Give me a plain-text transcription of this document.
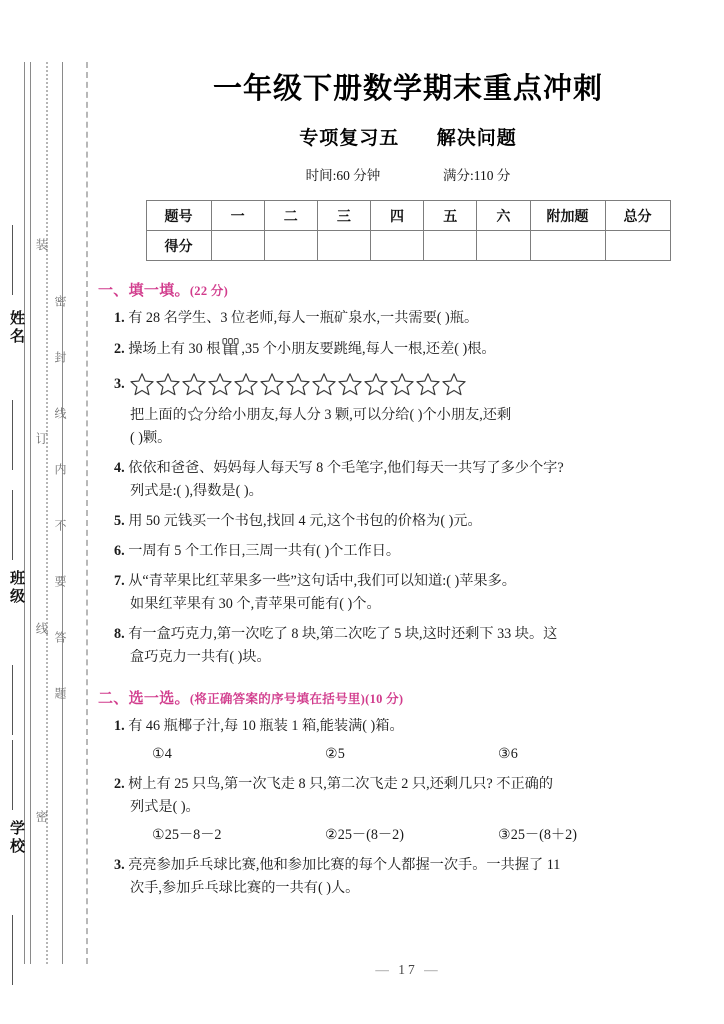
姓名
班级
学校
装
订
线
密
密封线内不要答题
一年级下册数学期末重点冲刺
专项复习五 解决问题
时间:60 分钟	满分:110 分
题号	一	二	三	四	五	六	附加题	总分
得分								
一、填一填。(22 分)
1. 有 28 名学生、3 位老师,每人一瓶矿泉水,一共需要( )瓶。
2. 操场上有 30 根 ,35 个小朋友要跳绳,每人一根,还差( )根。
3.
把上面的 分给小朋友,每人分 3 颗,可以分给( )个小朋友,还剩
( )颗。
4. 依依和爸爸、妈妈每人每天写 8 个毛笔字,他们每天一共写了多少个字?
列式是:( ),得数是( )。
5. 用 50 元钱买一个书包,找回 4 元,这个书包的价格为( )元。
6. 一周有 5 个工作日,三周一共有( )个工作日。
7. 从“青苹果比红苹果多一些”这句话中,我们可以知道:( )苹果多。
如果红苹果有 30 个,青苹果可能有( )个。
8. 有一盒巧克力,第一次吃了 8 块,第二次吃了 5 块,这时还剩下 33 块。这
盒巧克力一共有( )块。
二、选一选。(将正确答案的序号填在括号里)(10 分)
1. 有 46 瓶椰子汁,每 10 瓶装 1 箱,能装满( )箱。
①4	②5	③6
2. 树上有 25 只鸟,第一次飞走 8 只,第二次飞走 2 只,还剩几只? 不正确的
列式是( )。
①25－8－2	②25－(8－2)	③25－(8＋2)
3. 亮亮参加乒乓球比赛,他和参加比赛的每个人都握一次手。一共握了 11
次手,参加乒乓球比赛的一共有( )人。
— 17 —
